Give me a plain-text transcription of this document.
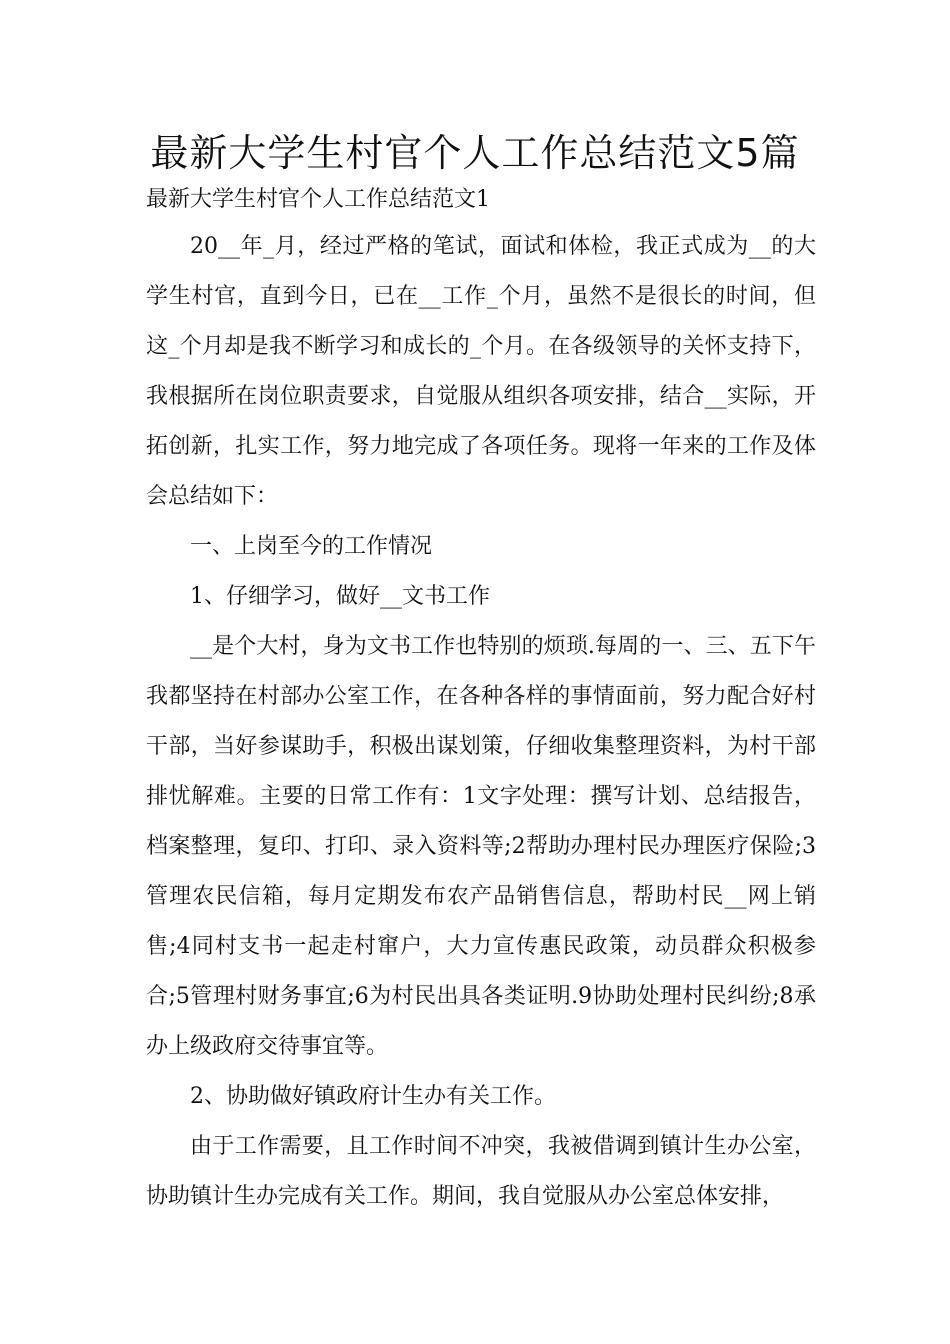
最新大学生村官个人工作总结范文5篇

最新大学生村官个人工作总结范文1

20__年_月，经过严格的笔试，面试和体检，我正式成为__的大学生村官，直到今日，已在__工作_个月，虽然不是很长的时间，但这_个月却是我不断学习和成长的_个月。在各级领导的关怀支持下，我根据所在岗位职责要求，自觉服从组织各项安排，结合__实际，开拓创新，扎实工作，努力地完成了各项任务。现将一年来的工作及体会总结如下：

一、上岗至今的工作情况

1、仔细学习，做好__文书工作

__是个大村，身为文书工作也特别的烦琐.每周的一、三、五下午我都坚持在村部办公室工作，在各种各样的事情面前，努力配合好村干部，当好参谋助手，积极出谋划策，仔细收集整理资料，为村干部排忧解难。主要的日常工作有：1文字处理：撰写计划、总结报告，档案整理，复印、打印、录入资料等;2帮助办理村民办理医疗保险;3管理农民信箱，每月定期发布农产品销售信息，帮助村民__网上销售;4同村支书一起走村窜户，大力宣传惠民政策，动员群众积极参合;5管理村财务事宜;6为村民出具各类证明.9协助处理村民纠纷;8承办上级政府交待事宜等。

2、协助做好镇政府计生办有关工作。

由于工作需要，且工作时间不冲突，我被借调到镇计生办公室，协助镇计生办完成有关工作。期间，我自觉服从办公室总体安排，
